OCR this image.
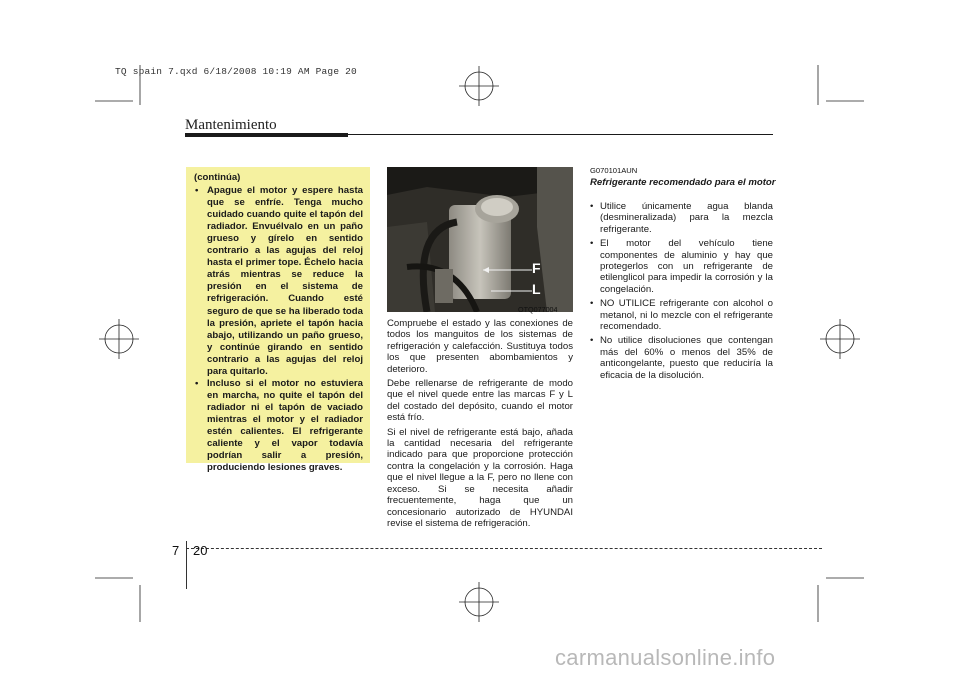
TQ spain 7.qxd 6/18/2008 10:19 AM Page 20
Mantenimiento
(continúa)
• Apague el motor y espere hasta que se enfríe. Tenga mucho cuidado cuando quite el tapón del radiador. Envuélvalo en un paño grueso y gírelo en sentido contrario a las agujas del reloj hasta el primer tope. Échelo hacia atrás mientras se reduce la presión en el sistema de refrigeración. Cuando esté seguro de que se ha liberado toda la presión, apriete el tapón hacia abajo, utilizando un paño grueso, y continúe girando en sentido contrario a las agujas del reloj para quitarlo.
• Incluso si el motor no estuviera en marcha, no quite el tapón del radiador ni el tapón de vaciado mientras el motor y el radiador estén calientes. El refrigerante caliente y el vapor todavía podrían salir a presión, produciendo lesiones graves.
F
L
OTQ077004

Compruebe el estado y las conexiones de todos los manguitos de los sistemas de refrigeración y calefacción. Sustituya todos los que presenten abombamientos y deterioro.

Debe rellenarse de refrigerante de modo que el nivel quede entre las marcas F y L del costado del depósito, cuando el motor está frío.

Si el nivel de refrigerante está bajo, añada la cantidad necesaria del refrigerante indicado para que proporcione protección contra la congelación y la corrosión. Haga que el nivel llegue a la F, pero no llene con exceso. Si se necesita añadir frecuentemente, haga que un concesionario autorizado de HYUNDAI revise el sistema de refrigeración.

G070101AUN
Refrigerante recomendado para el motor
• Utilice únicamente agua blanda (desmineralizada) para la mezcla refrigerante.
• El motor del vehículo tiene componentes de aluminio y hay que protegerlos con un refrigerante de etilenglicol para impedir la corrosión y la congelación.
• NO UTILICE refrigerante con alcohol o metanol, ni lo mezcle con el refrigerante recomendado.
• No utilice disoluciones que contengan más del 60% o menos del 35% de anticongelante, puesto que reduciría la eficacia de la disolución.
7 20
carmanualsonline.info
